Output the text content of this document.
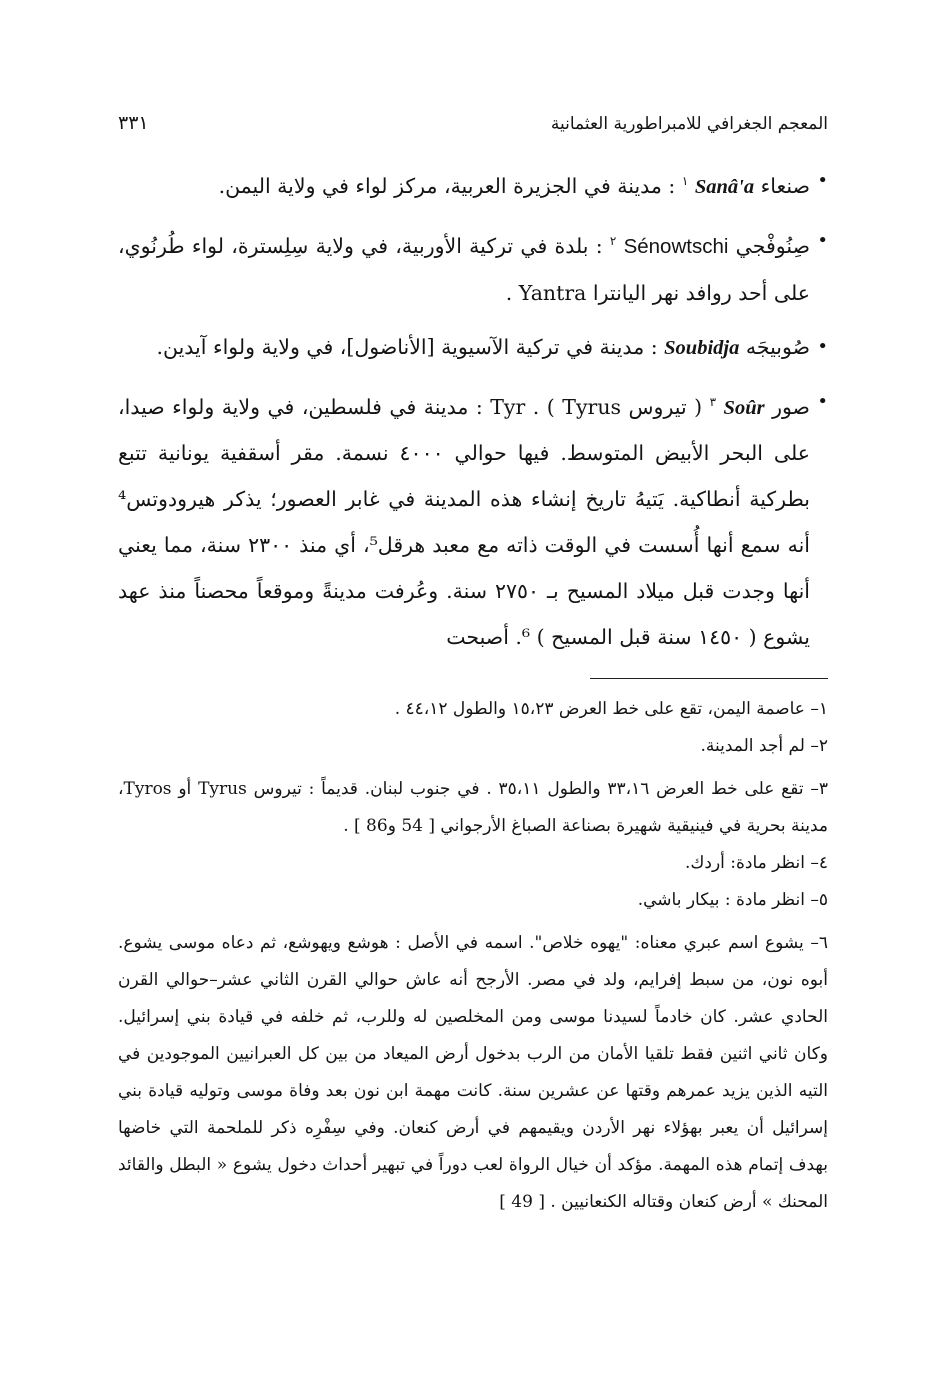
المعجم الجغرافي للامبراطورية العثمانية
٣٣١
•
صنعاء Sanâ'a $^١$ : مدينة في الجزيرة العربية، مركز لواء في ولاية اليمن.
•
صِنُوفْجي Sénowtschi $^٢$ : بلدة في تركية الأوربية، في ولاية سِلِسترة، لواء طُرنُوي، على أحد روافد نهر اليانترا Yantra .
•
صُوبيجَه Soubidja : مدينة في تركية الآسيوية [الأناضول]، في ولاية ولواء آيدين.
•
صور Soûr $^٣$ ( تيروس Tyrus ) . Tyr : مدينة في فلسطين، في ولاية ولواء صيدا، على البحر الأبيض المتوسط. فيها حوالي ٤٠٠٠ نسمة. مقر أسقفية يونانية تتبع بطركية أنطاكية. يَتيهُ تاريخ إنشاء هذه المدينة في غابر العصور؛ يذكر هيرودوتس⁴ أنه سمع أنها أُسست في الوقت ذاته مع معبد هرقل⁵، أي منذ ٢٣٠٠ سنة، مما يعني أنها وجدت قبل ميلاد المسيح بـ ٢٧٥٠ سنة. وعُرفت مدينةً وموقعاً محصناً منذ عهد يشوع ( ١٤٥٠ سنة قبل المسيح ) ⁶. أصبحت
١– عاصمة اليمن، تقع على خط العرض ١٥،٢٣ والطول ٤٤،١٢ .
٢– لم أجد المدينة.
٣– تقع على خط العرض ٣٣،١٦ والطول ٣٥،١١ . في جنوب لبنان. قديماً : تيروس Tyrus أو Tyros، مدينة بحرية في فينيقية شهيرة بصناعة الصباغ الأرجواني [ 54 و86 ] .
٤– انظر مادة: أردك.
٥– انظر مادة : بيكار باشي.
٦– يشوع اسم عبري معناه: "يهوه خلاص". اسمه في الأصل : هوشع ويهوشع، ثم دعاه موسى يشوع. أبوه نون، من سبط إفرايم، ولد في مصر. الأرجح أنه عاش حوالي القرن الثاني عشر–حوالي القرن الحادي عشر. كان خادماً لسيدنا موسى ومن المخلصين له وللرب، ثم خلفه في قيادة بني إسرائيل. وكان ثاني اثنين فقط تلقيا الأمان من الرب بدخول أرض الميعاد من بين كل العبرانيين الموجودين في التيه الذين يزيد عمرهم وقتها عن عشرين سنة. كانت مهمة ابن نون بعد وفاة موسى وتوليه قيادة بني إسرائيل أن يعبر بهؤلاء نهر الأردن ويقيمهم في أرض كنعان. وفي سِفْرِه ذكر للملحمة التي خاضها بهدف إتمام هذه المهمة. مؤكد أن خيال الرواة لعب دوراً في تبهير أحداث دخول يشوع « البطل والقائد المحنك » أرض كنعان وقتاله الكنعانيين . [ 49 ]
